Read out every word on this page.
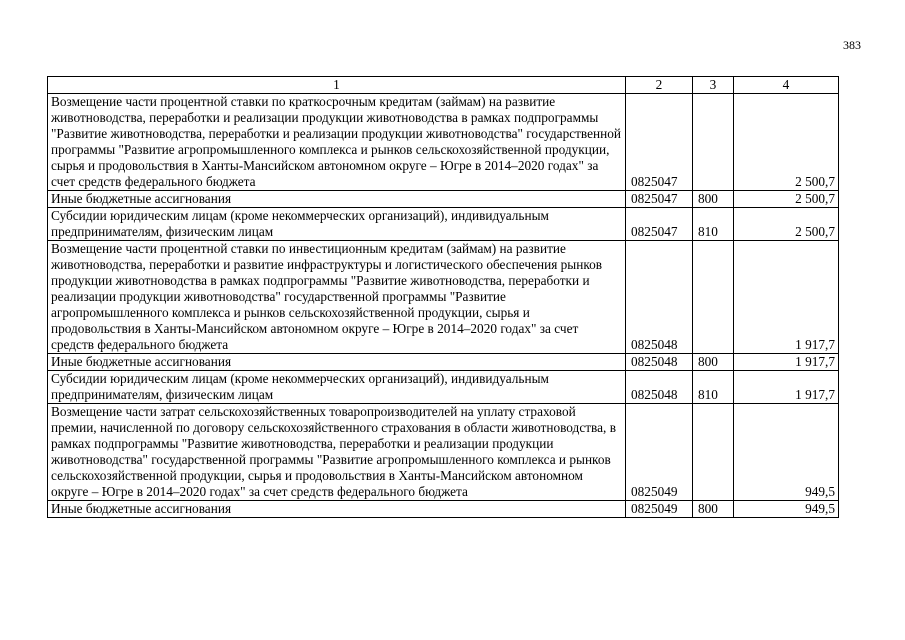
383
1	2	3	4
Возмещение части процентной ставки по краткосрочным кредитам (займам) на развитие животноводства, переработки и реализации продукции животноводства в рамках подпрограммы "Развитие животноводства, переработки и реализации продукции животноводства" государственной программы "Развитие агропромышленного комплекса и рынков сельскохозяйственной продукции, сырья и продовольствия в Ханты-Мансийском автономном округе – Югре в 2014–2020 годах" за счет средств федерального бюджета	0825047		2 500,7
Иные бюджетные ассигнования	0825047	800	2 500,7
Субсидии юридическим лицам (кроме некоммерческих организаций), индивидуальным предпринимателям, физическим лицам	0825047	810	2 500,7
Возмещение части процентной ставки по инвестиционным кредитам (займам) на развитие животноводства, переработки и развитие инфраструктуры и логистического обеспечения рынков продукции животноводства в рамках подпрограммы "Развитие животноводства, переработки и реализации продукции животноводства" государственной программы "Развитие агропромышленного комплекса и рынков сельскохозяйственной продукции, сырья и продовольствия в Ханты-Мансийском автономном округе – Югре в 2014–2020 годах" за счет средств федерального бюджета	0825048		1 917,7
Иные бюджетные ассигнования	0825048	800	1 917,7
Субсидии юридическим лицам (кроме некоммерческих организаций), индивидуальным предпринимателям, физическим лицам	0825048	810	1 917,7
Возмещение части затрат сельскохозяйственных товаропроизводителей на уплату страховой премии, начисленной по договору сельскохозяйственного страхования в области животноводства, в рамках подпрограммы "Развитие животноводства, переработки и реализации продукции животноводства" государственной программы "Развитие агропромышленного комплекса и рынков сельскохозяйственной продукции, сырья и продовольствия в Ханты-Мансийском автономном округе – Югре в 2014–2020 годах" за счет средств федерального бюджета	0825049		949,5
Иные бюджетные ассигнования	0825049	800	949,5
